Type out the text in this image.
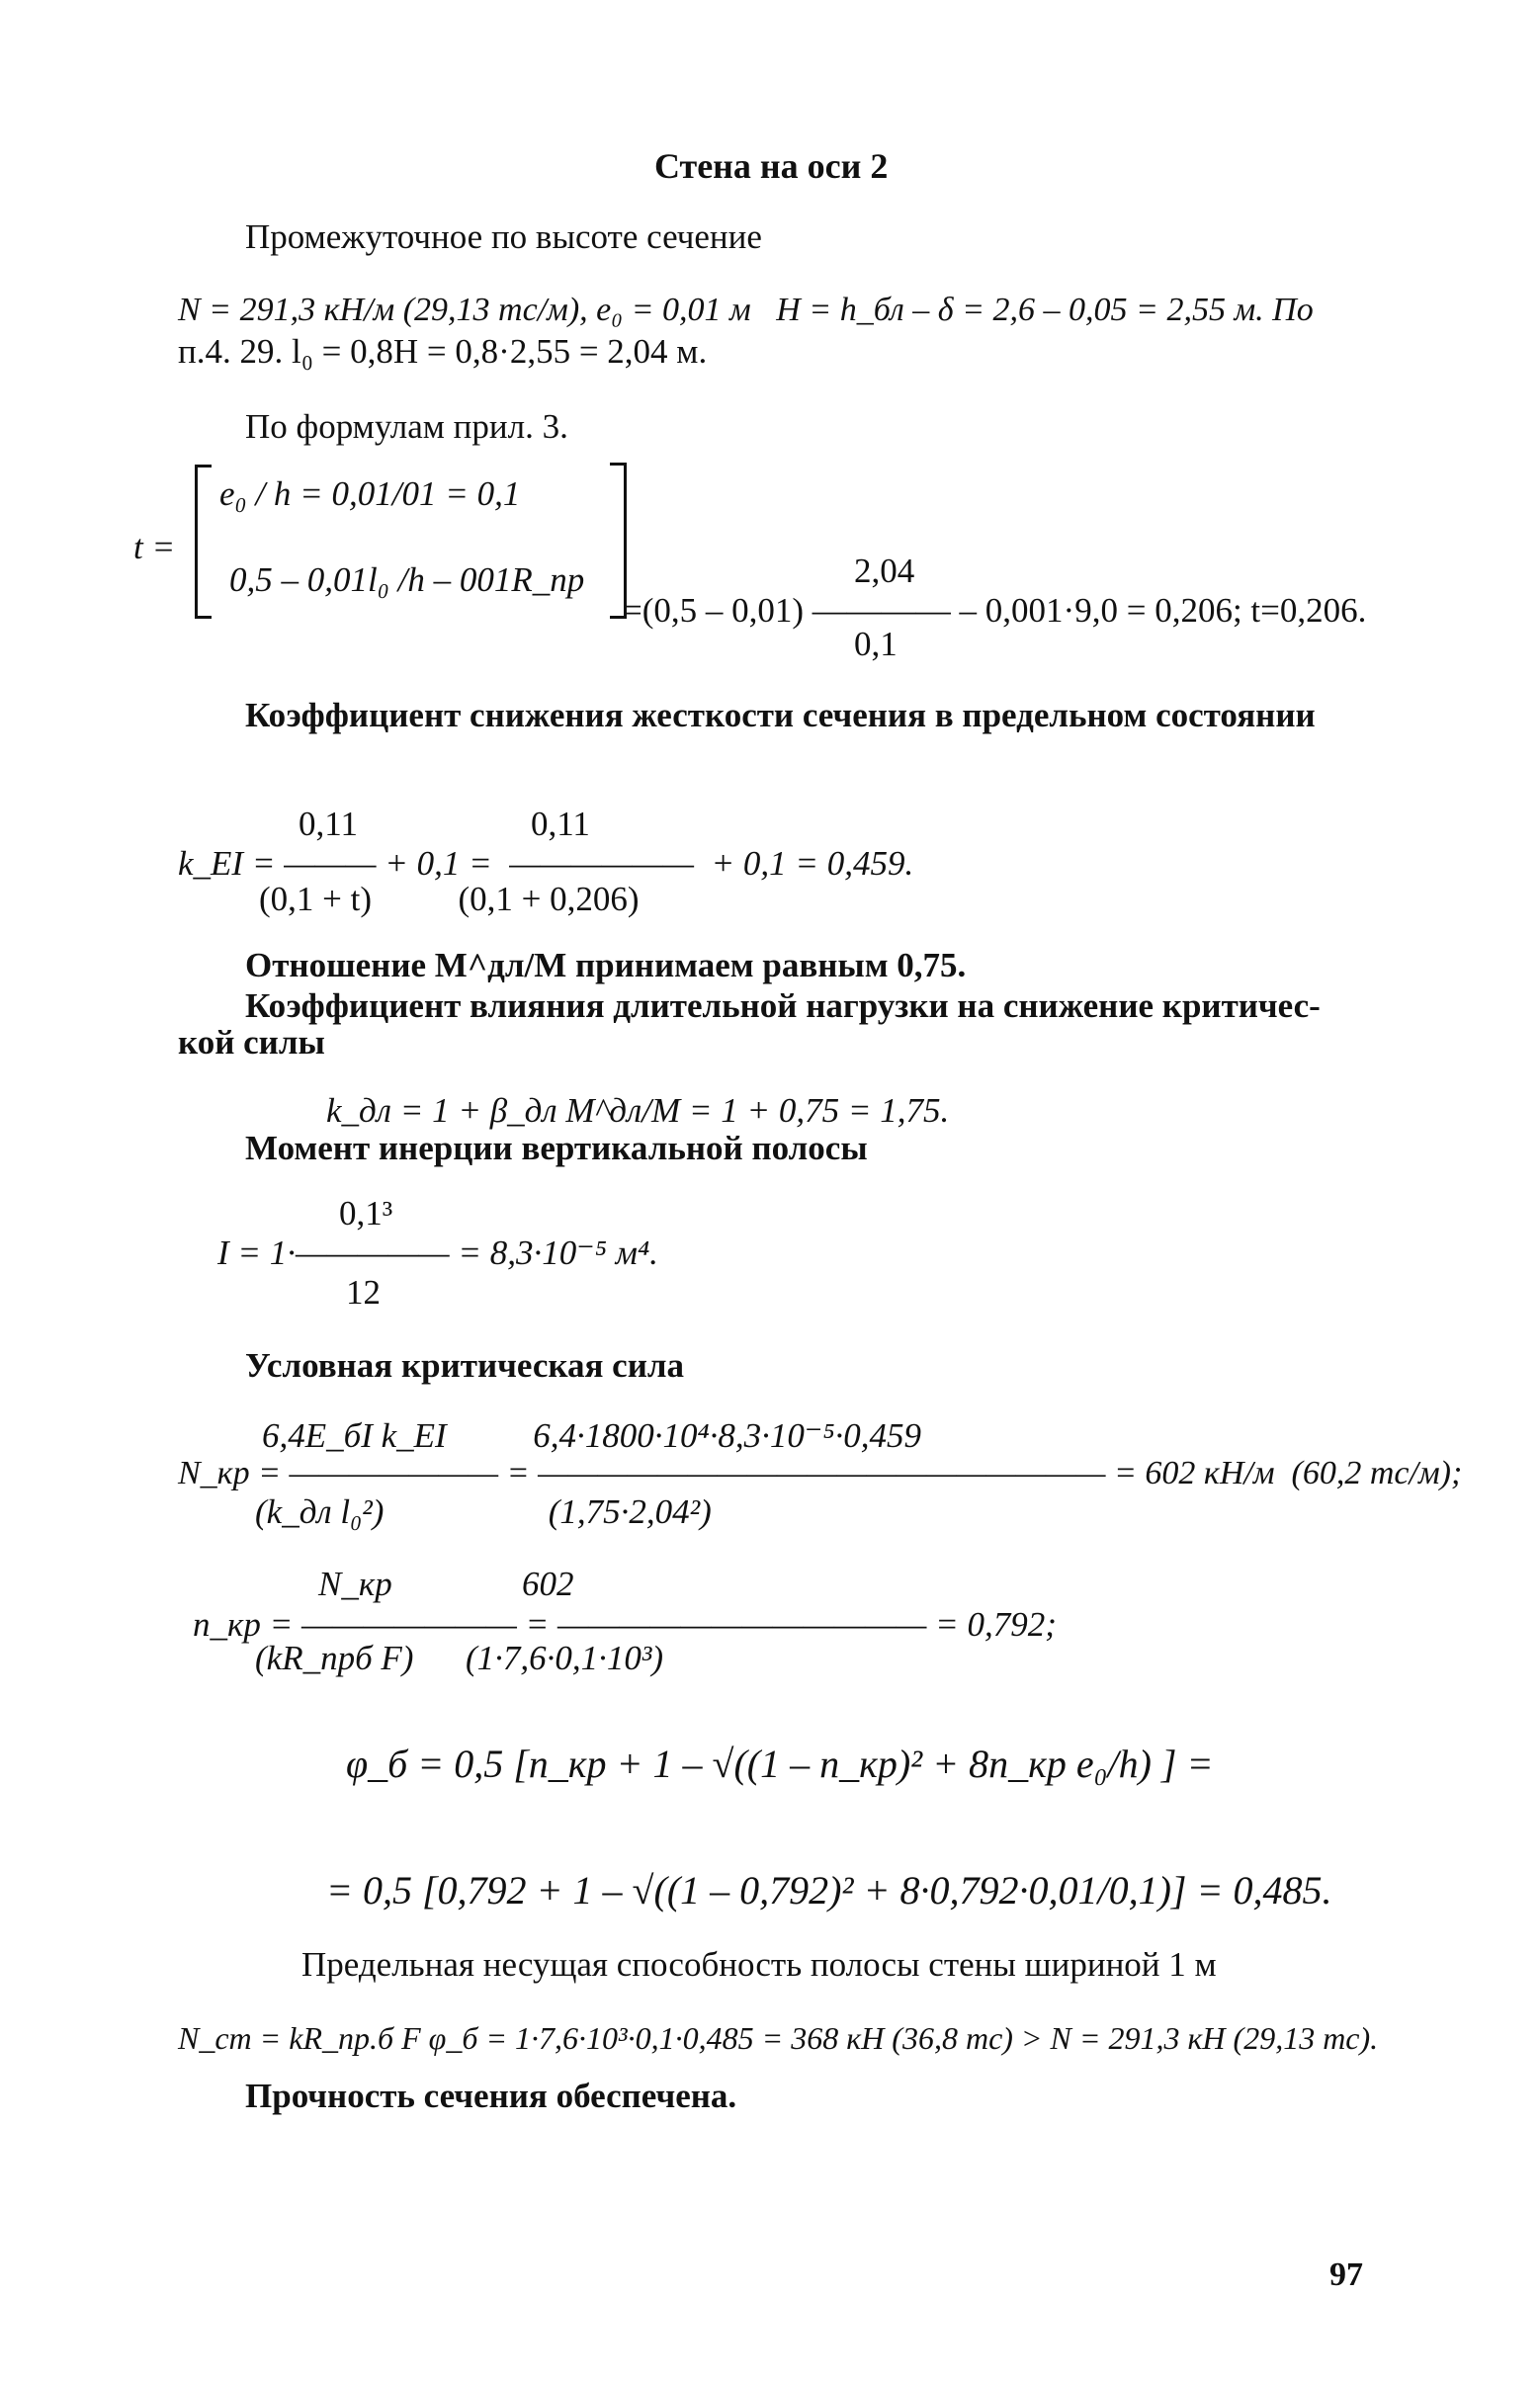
Стена на оси 2
Промежуточное по высоте сечение
N = 291,3 кН/м (29,13 тс/м), e₀ = 0,01 м   H = h_бл – δ = 2,6 – 0,05 = 2,55 м. По
п.4. 29. l₀ = 0,8H = 0,8·2,55 = 2,04 м.
По формулам прил. 3.
t =
e₀ / h = 0,01/01 = 0,1
0,5 – 0,01l₀ /h – 001R_пр	2,04
=(0,5 – 0,01) ———— – 0,001·9,0 = 0,206; t=0,206.
0,1
Коэффициент снижения жесткости сечения в предельном состоянии
0,11                    0,11
k_EI = ——— + 0,1 =  ——————  + 0,1 = 0,459.
(0,1 + t)          (0,1 + 0,206)
Отношение M^дл/M принимаем равным 0,75.
Коэффициент влияния длительной нагрузки на снижение критичес-
кой силы
k_дл = 1 + β_дл M^дл/M = 1 + 0,75 = 1,75.
Момент инерции вертикальной полосы
0,1³
I = 1·————— = 8,3·10⁻⁵ м⁴.
12
Условная критическая сила
6,4E_бI k_EI          6,4·1800·10⁴·8,3·10⁻⁵·0,459
N_кр = ——————— = ——————————————————— = 602 кН/м  (60,2 тс/м);
(k_дл l₀²)                   (1,75·2,04²)
N_кр               602
n_кр = ——————— = ———————————— = 0,792;
(kR_прб F)      (1·7,6·0,1·10³)
φ_б = 0,5 [n_кр + 1 – √((1 – n_кр)² + 8n_кр e₀/h) ] =
= 0,5 [0,792 + 1 – √((1 – 0,792)² + 8·0,792·0,01/0,1)] = 0,485.
Предельная несущая способность полосы стены шириной 1 м
N_ст = kR_пр.б F φ_б = 1·7,6·10³·0,1·0,485 = 368 кН (36,8 тс) > N = 291,3 кН (29,13 тс).
Прочность сечения обеспечена.
97
